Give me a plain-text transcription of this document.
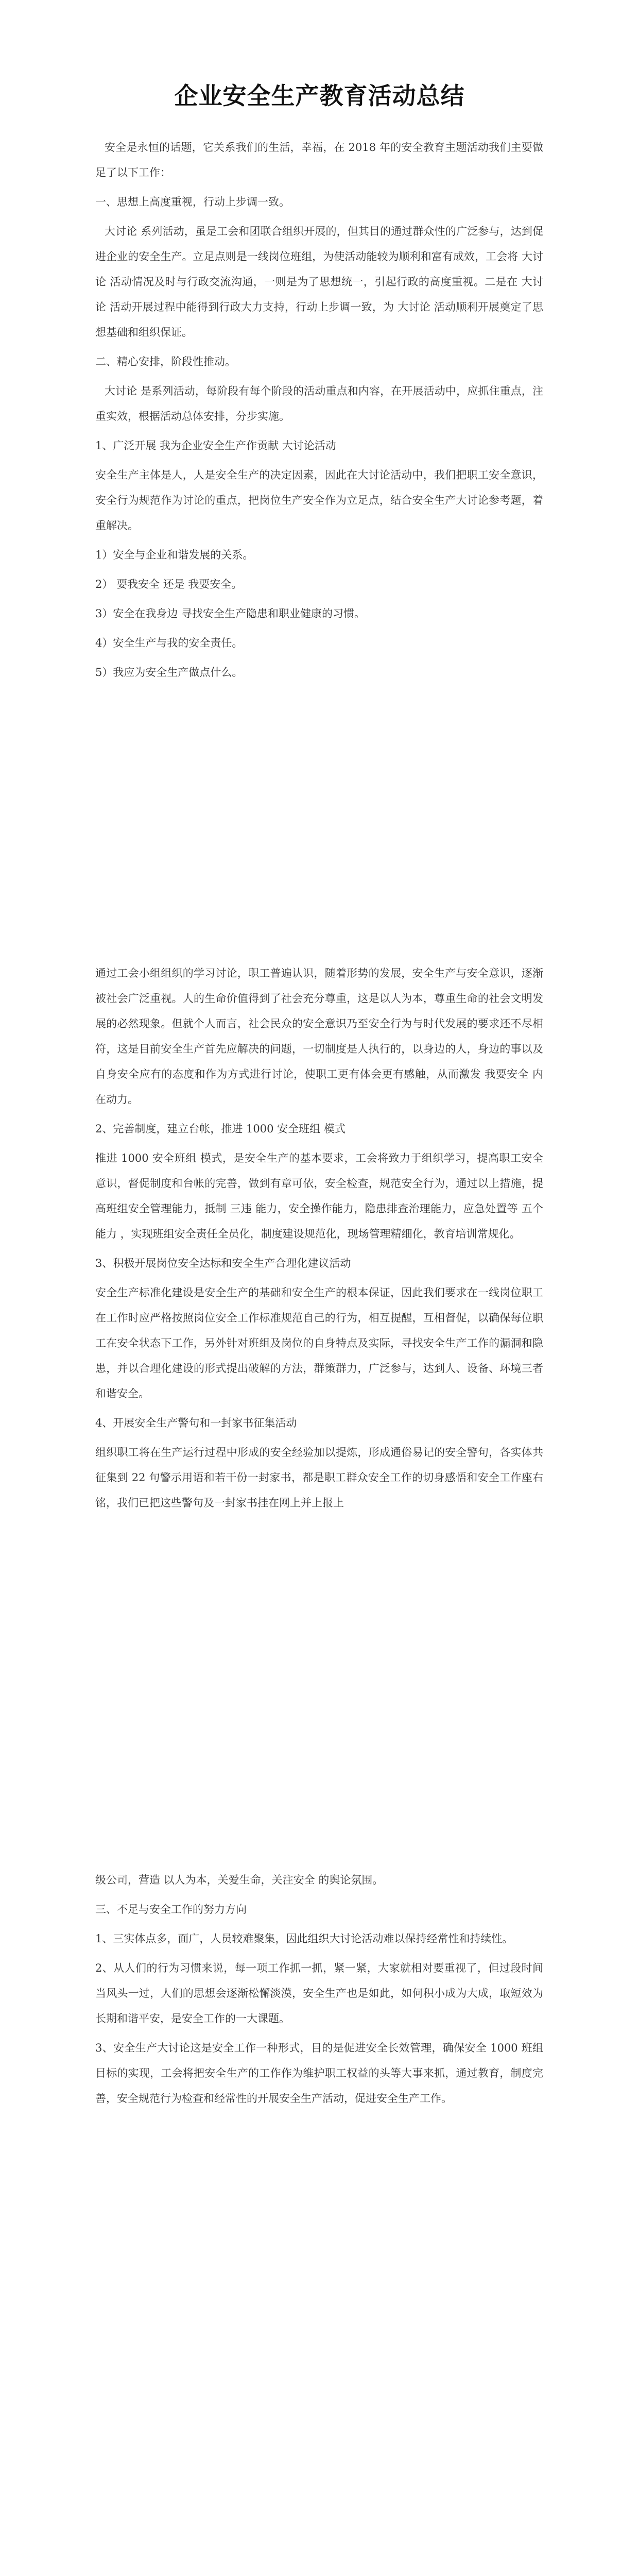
企业安全生产教育活动总结

安全是永恒的话题，它关系我们的生活，幸福，在 2018 年的安全教育主题活动我们主要做足了以下工作：

一、思想上高度重视，行动上步调一致。

大讨论 系列活动，虽是工会和团联合组织开展的，但其目的通过群众性的广泛参与，达到促进企业的安全生产。立足点则是一线岗位班组，为使活动能较为顺利和富有成效，工会将 大讨论 活动情况及时与行政交流沟通，一则是为了思想统一，引起行政的高度重视。二是在 大讨论 活动开展过程中能得到行政大力支持，行动上步调一致，为 大讨论 活动顺利开展奠定了思想基础和组织保证。

二、精心安排，阶段性推动。

大讨论 是系列活动，每阶段有每个阶段的活动重点和内容，在开展活动中，应抓住重点，注重实效，根据活动总体安排，分步实施。

1、广泛开展 我为企业安全生产作贡献 大讨论活动

安全生产主体是人，人是安全生产的决定因素，因此在大讨论活动中，我们把职工安全意识，安全行为规范作为讨论的重点，把岗位生产安全作为立足点，结合安全生产大讨论参考题，着重解决。

1）安全与企业和谐发展的关系。

2） 要我安全 还是 我要安全。

3）安全在我身边 寻找安全生产隐患和职业健康的习惯。

4）安全生产与我的安全责任。

5）我应为安全生产做点什么。

通过工会小组组织的学习讨论，职工普遍认识，随着形势的发展，安全生产与安全意识，逐渐被社会广泛重视。人的生命价值得到了社会充分尊重，这是以人为本，尊重生命的社会文明发展的必然现象。但就个人而言，社会民众的安全意识乃至安全行为与时代发展的要求还不尽相符，这是目前安全生产首先应解决的问题，一切制度是人执行的，以身边的人，身边的事以及自身安全应有的态度和作为方式进行讨论，使职工更有体会更有感触，从而激发 我要安全 内在动力。

2、完善制度，建立台帐，推进 1000 安全班组 模式

推进 1000 安全班组 模式，是安全生产的基本要求，工会将致力于组织学习，提高职工安全意识，督促制度和台帐的完善，做到有章可依，安全检查，规范安全行为，通过以上措施，提高班组安全管理能力，抵制 三违 能力，安全操作能力，隐患排查治理能力，应急处置等 五个能力 ，实现班组安全责任全员化，制度建设规范化，现场管理精细化，教育培训常规化。

3、积极开展岗位安全达标和安全生产合理化建议活动

安全生产标准化建设是安全生产的基础和安全生产的根本保证，因此我们要求在一线岗位职工在工作时应严格按照岗位安全工作标准规范自己的行为，相互提醒，互相督促，以确保每位职工在安全状态下工作，另外针对班组及岗位的自身特点及实际，寻找安全生产工作的漏洞和隐患，并以合理化建设的形式提出破解的方法，群策群力，广泛参与，达到人、设备、环境三者和谐安全。

4、开展安全生产警句和一封家书征集活动

组织职工将在生产运行过程中形成的安全经验加以提炼，形成通俗易记的安全警句，各实体共征集到 22 句警示用语和若干份一封家书，都是职工群众安全工作的切身感悟和安全工作座右铭，我们已把这些警句及一封家书挂在网上并上报上

级公司，营造 以人为本，关爱生命，关注安全 的舆论氛围。

三、不足与安全工作的努力方向

1、三实体点多，面广，人员较难聚集，因此组织大讨论活动难以保持经常性和持续性。

2、从人们的行为习惯来说，每一项工作抓一抓，紧一紧，大家就相对要重视了，但过段时间当风头一过，人们的思想会逐渐松懈淡漠，安全生产也是如此，如何积小成为大成，取短效为长期和谐平安，是安全工作的一大课题。

3、安全生产大讨论这是安全工作一种形式，目的是促进安全长效管理，确保安全 1000 班组目标的实现，工会将把安全生产的工作作为维护职工权益的头等大事来抓，通过教育，制度完善，安全规范行为检查和经常性的开展安全生产活动，促进安全生产工作。
